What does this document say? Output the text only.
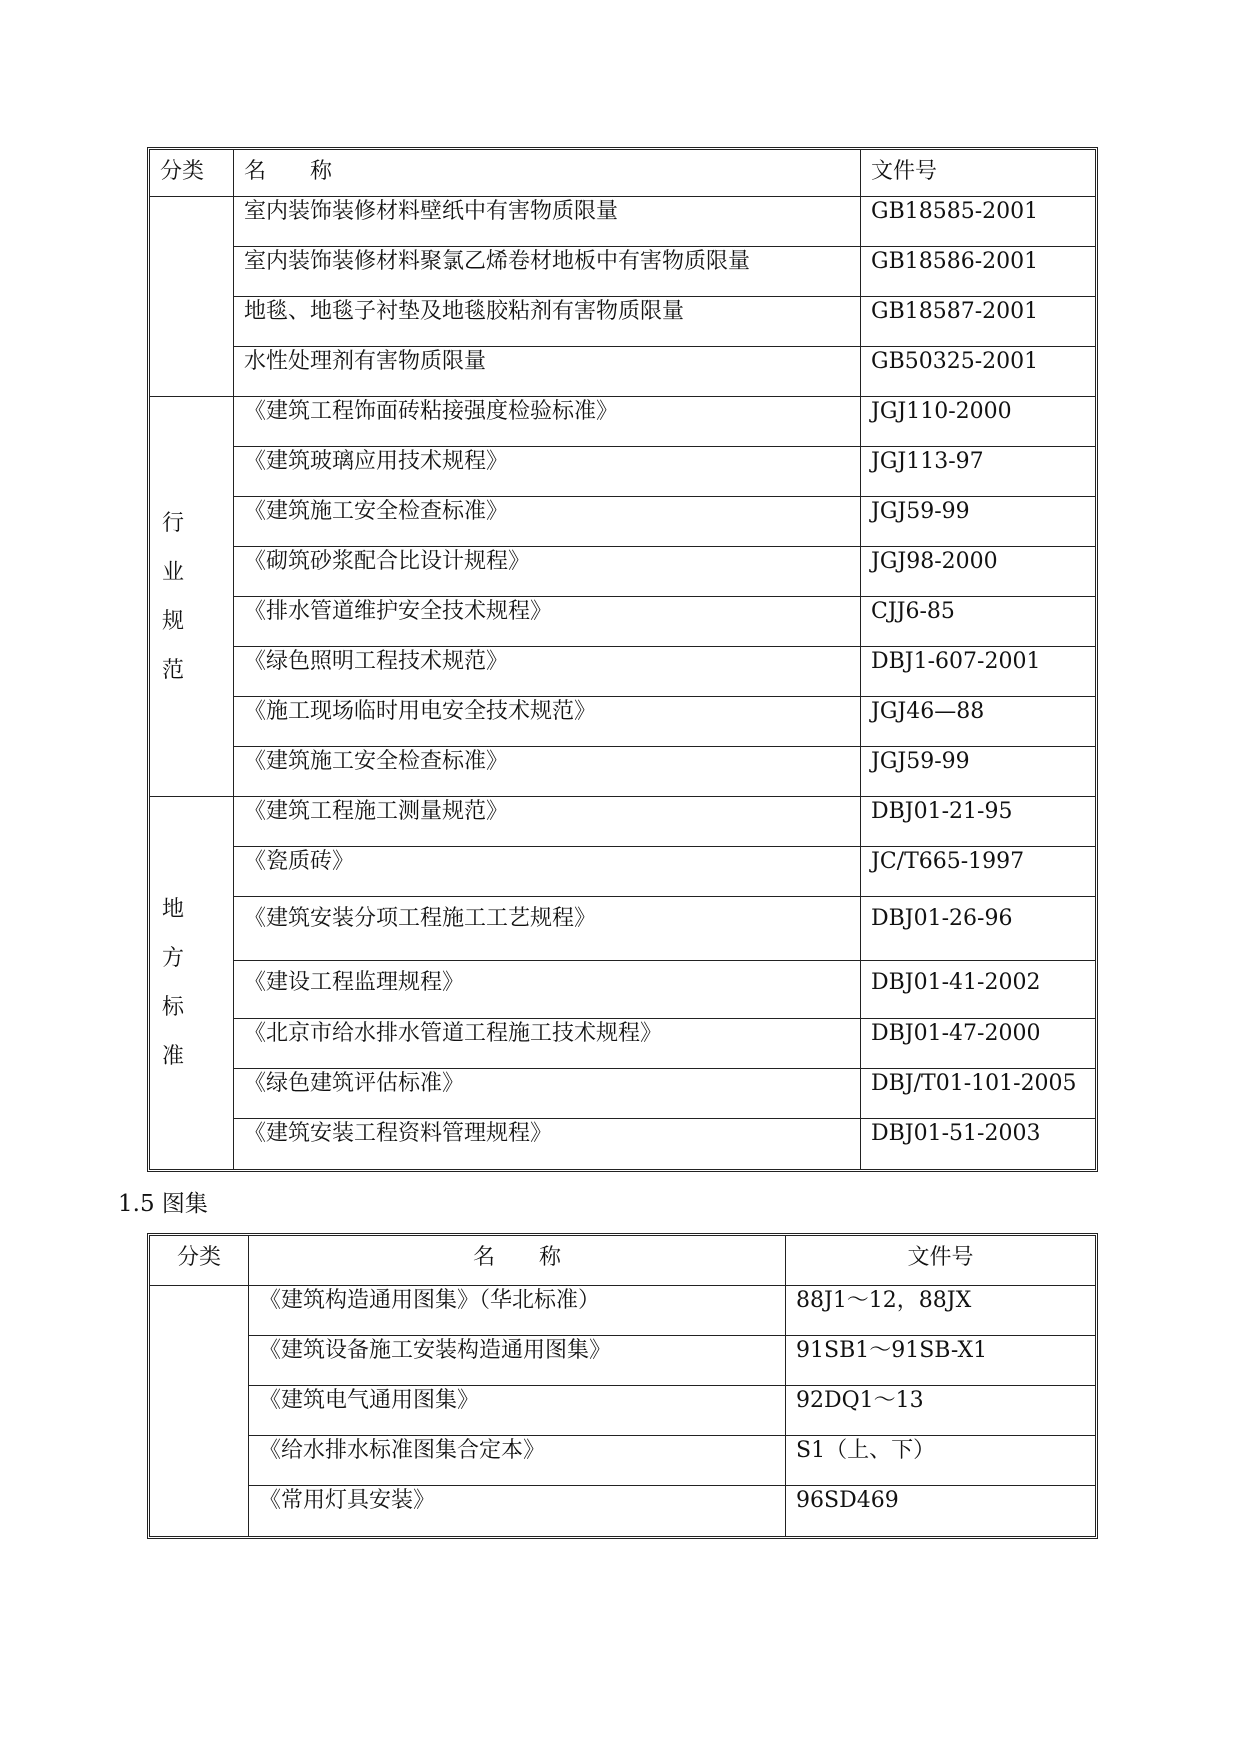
分类	名　　称	文件号

	室内装饰装修材料壁纸中有害物质限量	GB18585-2001
	室内装饰装修材料聚氯乙烯卷材地板中有害物质限量	GB18586-2001
	地毯、地毯子衬垫及地毯胶粘剂有害物质限量	GB18587-2001
	水性处理剂有害物质限量	GB50325-2001

行业规范	《建筑工程饰面砖粘接强度检验标准》	JGJ110-2000
	《建筑玻璃应用技术规程》	JGJ113-97
	《建筑施工安全检查标准》	JGJ59-99
	《砌筑砂浆配合比设计规程》	JGJ98-2000
	《排水管道维护安全技术规程》	CJJ6-85
	《绿色照明工程技术规范》	DBJ1-607-2001
	《施工现场临时用电安全技术规范》	JGJ46—88
	《建筑施工安全检查标准》	JGJ59-99

地方标准	《建筑工程施工测量规范》	DBJ01-21-95
	《瓷质砖》	JC/T665-1997
	《建筑安装分项工程施工工艺规程》	DBJ01-26-96
	《建设工程监理规程》	DBJ01-41-2002
	《北京市给水排水管道工程施工技术规程》	DBJ01-47-2000
	《绿色建筑评估标准》	DBJ/T01-101-2005
	《建筑安装工程资料管理规程》	DBJ01-51-2003
1.5 图集
分类	名　　称	文件号
	《建筑构造通用图集》（华北标准）	88J1～12，88JX
	《建筑设备施工安装构造通用图集》	91SB1～91SB-X1
	《建筑电气通用图集》	92DQ1～13
	《给水排水标准图集合定本》	S1（上、下）
	《常用灯具安装》	96SD469
